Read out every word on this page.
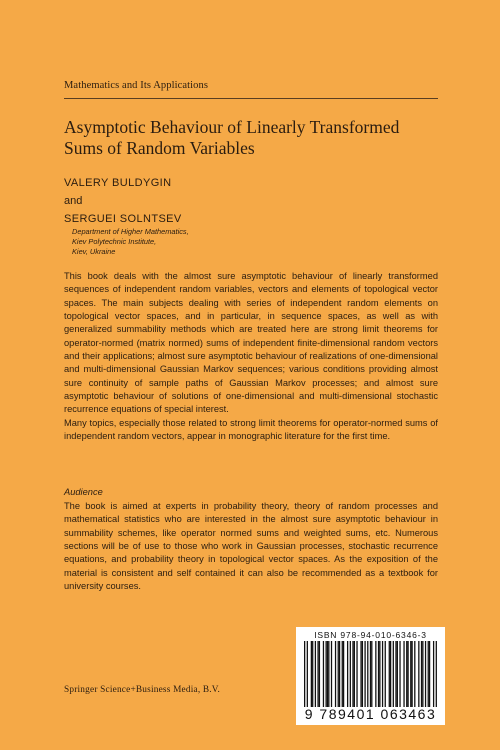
Mathematics and Its Applications
Asymptotic Behaviour of Linearly Transformed
Sums of Random Variables
VALERY BULDYGIN
and
SERGUEI SOLNTSEV
Department of Higher Mathematics,
Kiev Polytechnic Institute,
Kiev, Ukraine

This book deals with the almost sure asymptotic behaviour of linearly transformed sequences of independent random variables, vectors and elements of topological vector spaces. The main subjects dealing with series of independent random elements on topological vector spaces, and in particular, in sequence spaces, as well as with generalized summability methods which are treated here are strong limit theorems for operator-normed (matrix normed) sums of independent finite-dimensional random vectors and their applications; almost sure asymptotic behaviour of realizations of one-dimensional and multi-dimensional Gaussian Markov sequences; various conditions providing almost sure continuity of sample paths of Gaussian Markov processes; and almost sure asymptotic behaviour of solutions of one-dimensional and multi-dimensional stochastic recurrence equations of special interest.

Many topics, especially those related to strong limit theorems for operator-normed sums of independent random vectors, appear in monographic literature for the first time.

Audience

The book is aimed at experts in probability theory, theory of random processes and mathematical statistics who are interested in the almost sure asymptotic behaviour in summability schemes, like operator normed sums and weighted sums, etc. Numerous sections will be of use to those who work in Gaussian processes, stochastic recurrence equations, and probability theory in topological vector spaces. As the exposition of the material is consistent and self contained it can also be recommended as a textbook for university courses.

ISBN 978-94-010-6346-3
9 789401 063463
Springer Science+Business Media, B.V.
